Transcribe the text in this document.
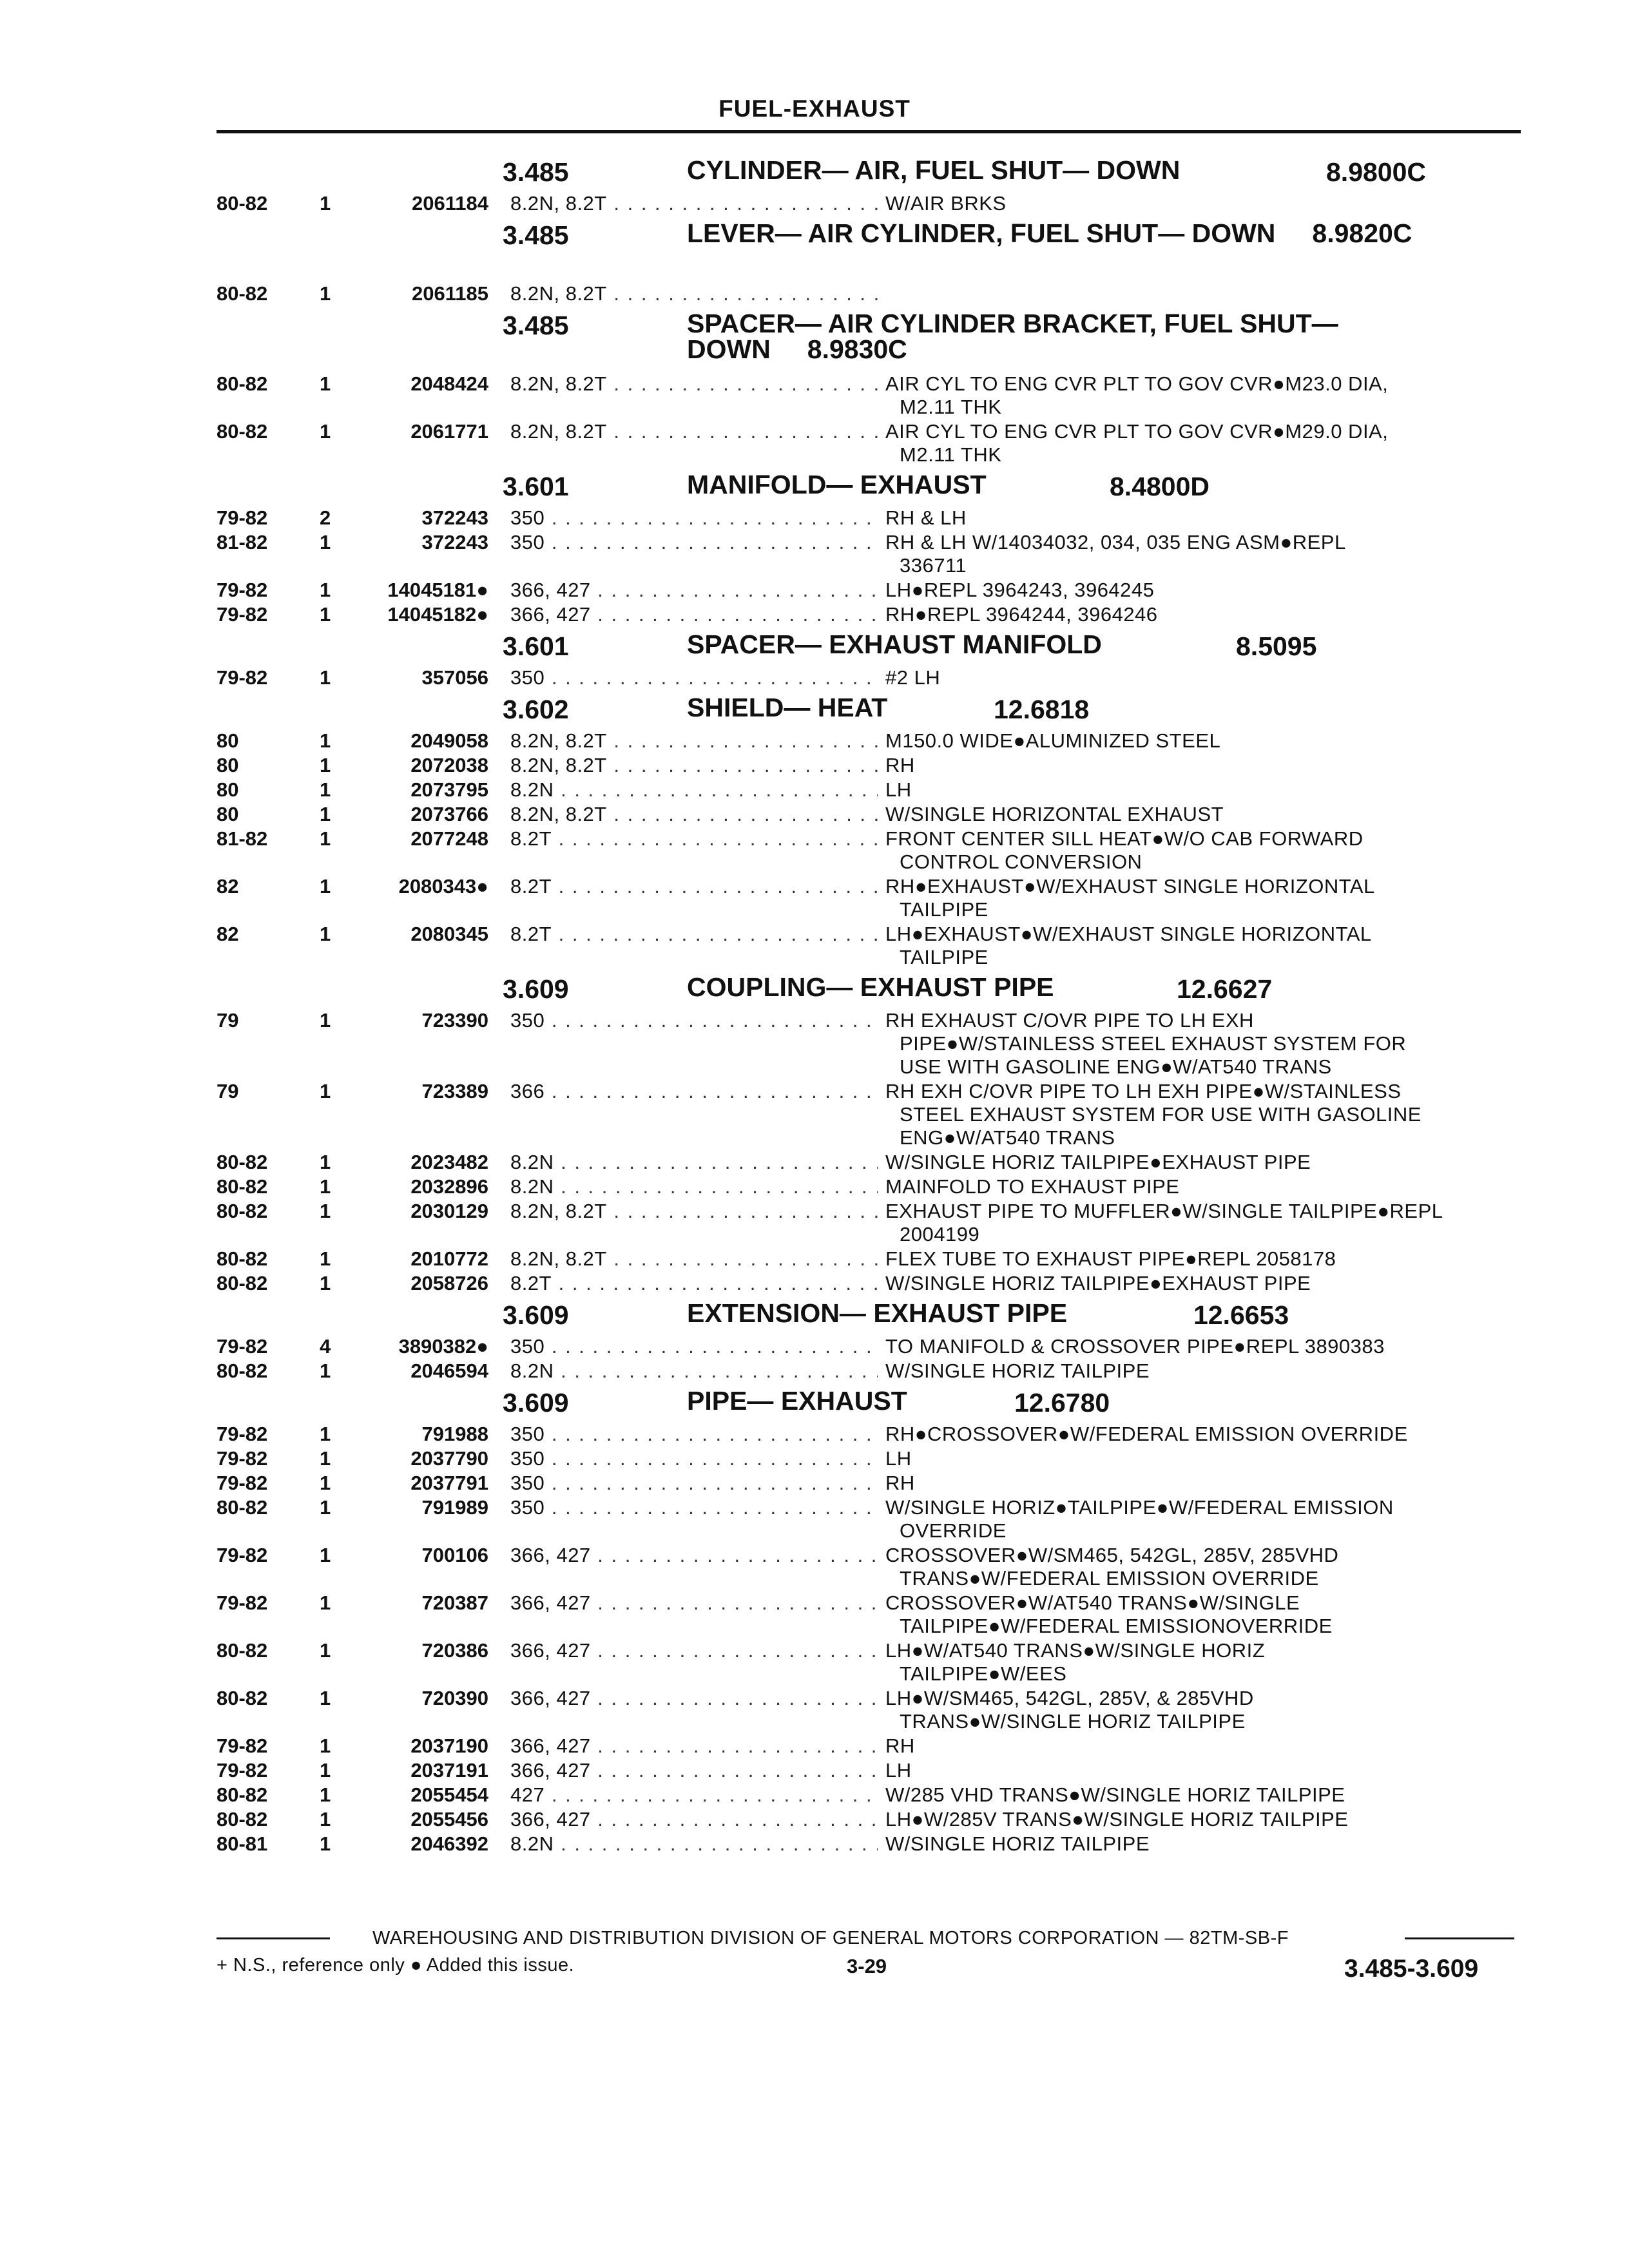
FUEL-EXHAUST
3.485	CYLINDER— AIR, FUEL SHUT— DOWN	8.9800C
80-82	1	2061184 8.2N, 8.2T . . .	W/AIR BRKS
3.485	LEVER— AIR CYLINDER, FUEL SHUT— DOWN 8.9820C
80-82	1	2061185 8.2N, 8.2T . . .

3.485	SPACER— AIR CYLINDER BRACKET, FUEL SHUT— DOWN 8.9830C
80-82	1	2048424 8.2N, 8.2T . . .	AIR CYL TO ENG CVR PLT TO GOV CVR●M23.0 DIA,
M2.11 THK
80-82	1	2061771 8.2N, 8.2T . . .	AIR CYL TO ENG CVR PLT TO GOV CVR●M29.0 DIA,
M2.11 THK
3.601	MANIFOLD— EXHAUST	8.4800D
79-82	2	372243 350 . . .	RH & LH
81-82	1	372243 350 . . .	RH & LH W/14034032, 034, 035 ENG ASM●REPL
336711
79-82	1	14045181● 366, 427 . . .	LH●REPL 3964243, 3964245
79-82	1	14045182● 366, 427 . . .	RH●REPL 3964244, 3964246
3.601	SPACER— EXHAUST MANIFOLD	8.5095
79-82	1	357056 350 . . .	#2 LH
3.602	SHIELD— HEAT	12.6818
80	1	2049058 8.2N, 8.2T . . .	M150.0 WIDE●ALUMINIZED STEEL
80	1	2072038 8.2N, 8.2T . . .	RH
80	1	2073795 8.2N . . .	LH
80	1	2073766 8.2N, 8.2T . . .	W/SINGLE HORIZONTAL EXHAUST
81-82	1	2077248 8.2T . . .	FRONT CENTER SILL HEAT●W/O CAB FORWARD
CONTROL CONVERSION
82	1	2080343● 8.2T . . .	RH●EXHAUST●W/EXHAUST SINGLE HORIZONTAL
TAILPIPE
82	1	2080345 8.2T . . .	LH●EXHAUST●W/EXHAUST SINGLE HORIZONTAL
TAILPIPE
3.609	COUPLING— EXHAUST PIPE	12.6627
79	1	723390 350 . . .	RH EXHAUST C/OVR PIPE TO LH EXH
PIPE●W/STAINLESS STEEL EXHAUST SYSTEM FOR
USE WITH GASOLINE ENG●W/AT540 TRANS
79	1	723389 366 . . .	RH EXH C/OVR PIPE TO LH EXH PIPE●W/STAINLESS
STEEL EXHAUST SYSTEM FOR USE WITH GASOLINE
ENG●W/AT540 TRANS
80-82	1	2023482 8.2N . . .	W/SINGLE HORIZ TAILPIPE●EXHAUST PIPE
80-82	1	2032896 8.2N . . .	MAINFOLD TO EXHAUST PIPE
80-82	1	2030129 8.2N, 8.2T . . .	EXHAUST PIPE TO MUFFLER●W/SINGLE TAILPIPE●REPL
2004199
80-82	1	2010772 8.2N, 8.2T . . .	FLEX TUBE TO EXHAUST PIPE●REPL 2058178
80-82	1	2058726 8.2T . . .	W/SINGLE HORIZ TAILPIPE●EXHAUST PIPE
3.609	EXTENSION— EXHAUST PIPE	12.6653
79-82	4	3890382● 350 . . .	TO MANIFOLD & CROSSOVER PIPE●REPL 3890383
80-82	1	2046594 8.2N . . .	W/SINGLE HORIZ TAILPIPE
3.609	PIPE— EXHAUST	12.6780
79-82	1	791988 350 . . .	RH●CROSSOVER●W/FEDERAL EMISSION OVERRIDE
79-82	1	2037790 350 . . .	LH
79-82	1	2037791 350 . . .	RH
80-82	1	791989 350 . . .	W/SINGLE HORIZ●TAILPIPE●W/FEDERAL EMISSION
OVERRIDE
79-82	1	700106 366, 427 . . .	CROSSOVER●W/SM465, 542GL, 285V, 285VHD
TRANS●W/FEDERAL EMISSION OVERRIDE
79-82	1	720387 366, 427 . . .	CROSSOVER●W/AT540 TRANS●W/SINGLE
TAILPIPE●W/FEDERAL EMISSIONOVERRIDE
80-82	1	720386 366, 427 . . .	LH●W/AT540 TRANS●W/SINGLE HORIZ
TAILPIPE●W/EES
80-82	1	720390 366, 427 . . .	LH●W/SM465, 542GL, 285V, & 285VHD
TRANS●W/SINGLE HORIZ TAILPIPE
79-82	1	2037190 366, 427 . . .	RH
79-82	1	2037191 366, 427 . . .	LH
80-82	1	2055454 427 . . .	W/285 VHD TRANS●W/SINGLE HORIZ TAILPIPE
80-82	1	2055456 366, 427 . . .	LH●W/285V TRANS●W/SINGLE HORIZ TAILPIPE
80-81	1	2046392 8.2N . . .	W/SINGLE HORIZ TAILPIPE
WAREHOUSING AND DISTRIBUTION DIVISION OF GENERAL MOTORS CORPORATION — 82TM-SB-F
+ N.S., reference only ● Added this issue.	3-29	3.485-3.609
